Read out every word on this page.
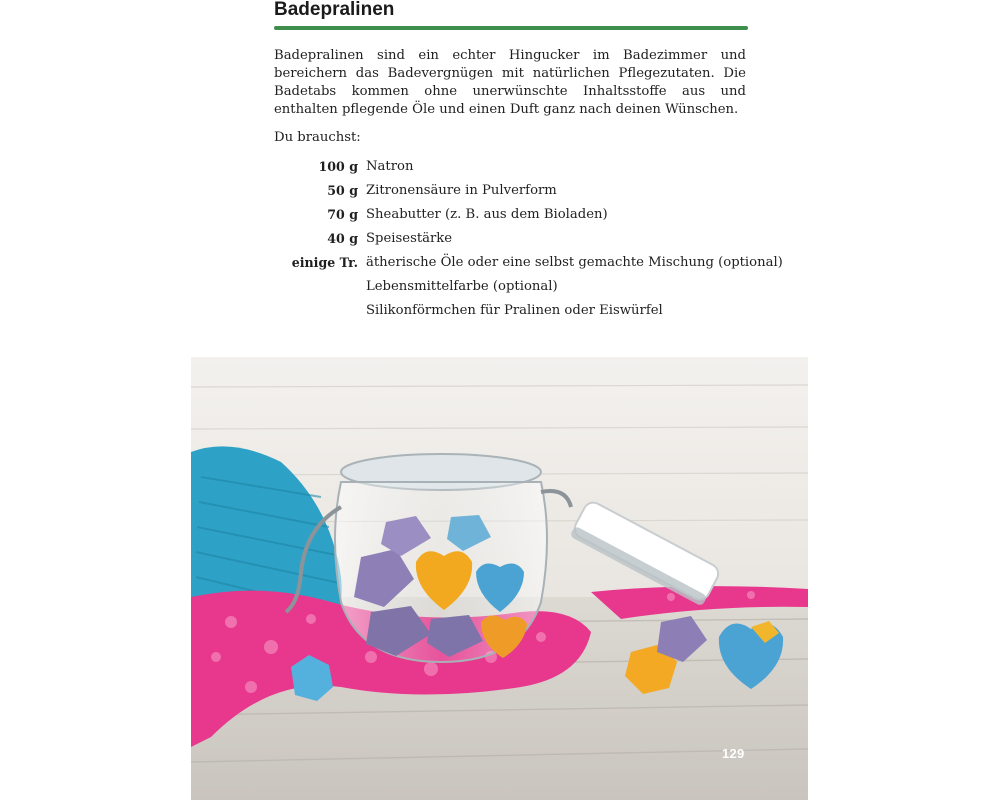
Badepralinen

Badepralinen sind ein echter Hingucker im Badezimmer und bereichern das Badevergnügen mit natürlichen Pflegezutaten. Die Badetabs kommen ohne unerwünschte Inhaltsstoffe aus und enthalten pflegende Öle und einen Duft ganz nach deinen Wünschen.

Du brauchst:

100 g Natron
50 g Zitronensäure in Pulverform
70 g Sheabutter (z. B. aus dem Bioladen)
40 g Speisestärke
einige Tr. ätherische Öle oder eine selbst gemachte Mischung (optional)
Lebensmittelfarbe (optional)
Silikonförmchen für Pralinen oder Eiswürfel
129
